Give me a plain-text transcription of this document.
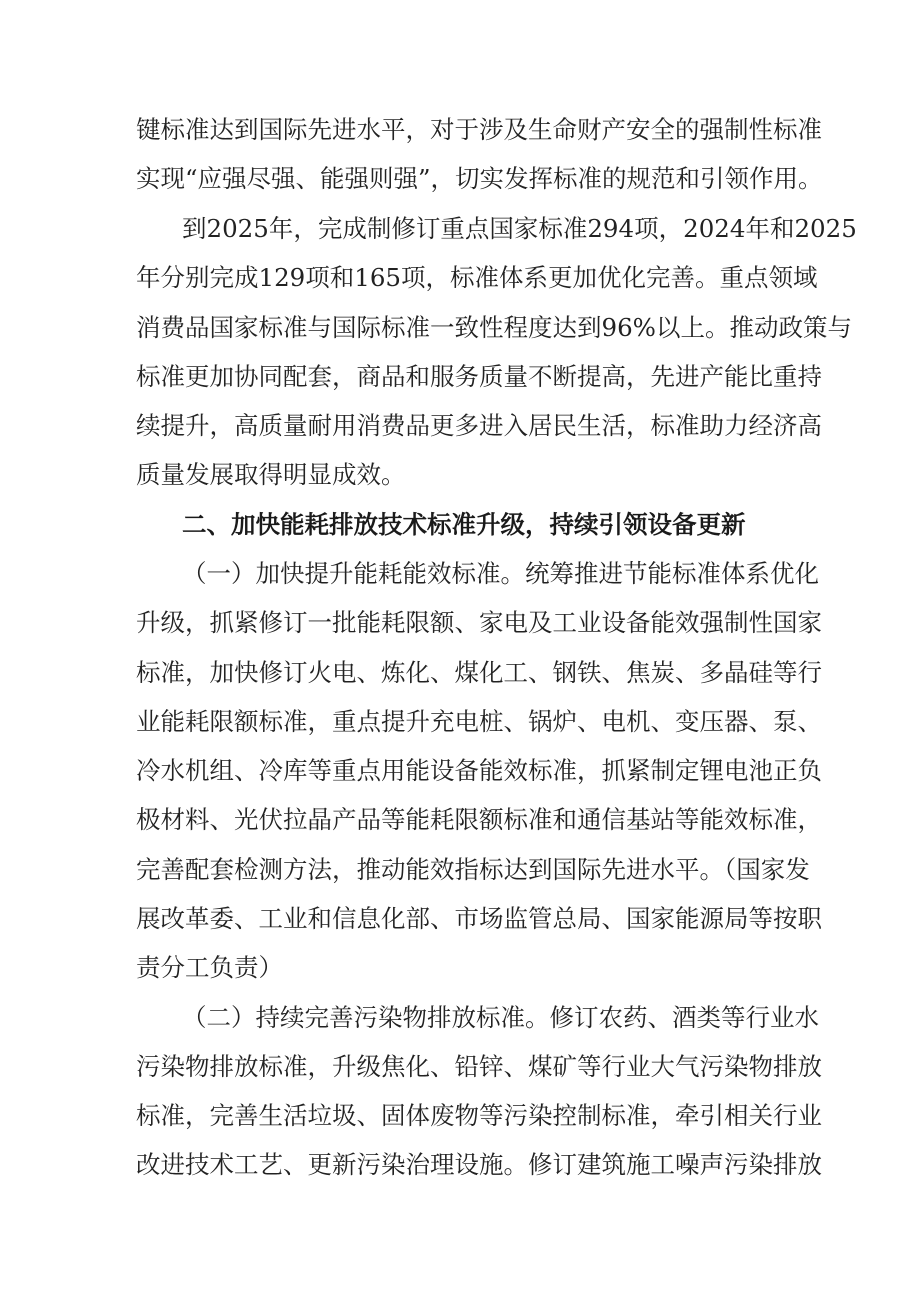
键标准达到国际先进水平，对于涉及生命财产安全的强制性标准
实现“应强尽强、能强则强”，切实发挥标准的规范和引领作用。
到2025年，完成制修订重点国家标准294项，2024年和2025
年分别完成129项和165项，标准体系更加优化完善。重点领域
消费品国家标准与国际标准一致性程度达到96%以上。推动政策与
标准更加协同配套，商品和服务质量不断提高，先进产能比重持
续提升，高质量耐用消费品更多进入居民生活，标准助力经济高
质量发展取得明显成效。
二、加快能耗排放技术标准升级，持续引领设备更新
（一）加快提升能耗能效标准。统筹推进节能标准体系优化
升级，抓紧修订一批能耗限额、家电及工业设备能效强制性国家
标准，加快修订火电、炼化、煤化工、钢铁、焦炭、多晶硅等行
业能耗限额标准，重点提升充电桩、锅炉、电机、变压器、泵、
冷水机组、冷库等重点用能设备能效标准，抓紧制定锂电池正负
极材料、光伏拉晶产品等能耗限额标准和通信基站等能效标准，
完善配套检测方法，推动能效指标达到国际先进水平。（国家发
展改革委、工业和信息化部、市场监管总局、国家能源局等按职
责分工负责）
（二）持续完善污染物排放标准。修订农药、酒类等行业水
污染物排放标准，升级焦化、铅锌、煤矿等行业大气污染物排放
标准，完善生活垃圾、固体废物等污染控制标准，牵引相关行业
改进技术工艺、更新污染治理设施。修订建筑施工噪声污染排放
